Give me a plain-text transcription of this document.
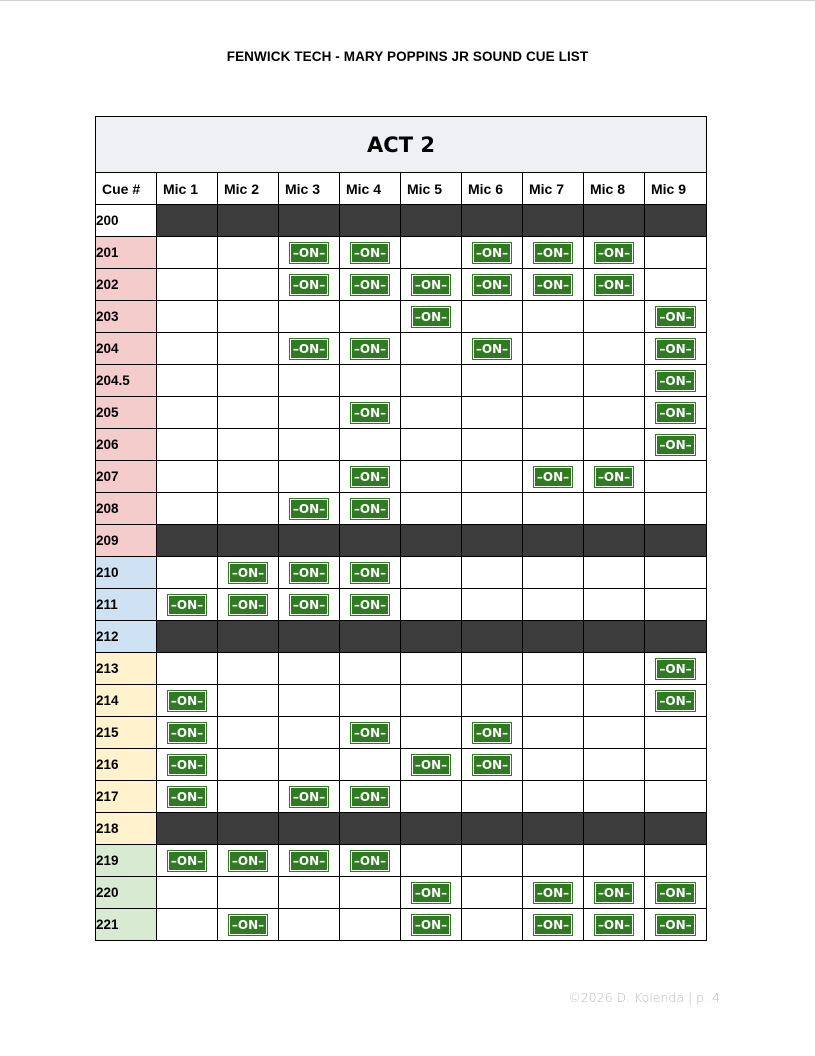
FENWICK TECH - MARY POPPINS JR SOUND CUE LIST
ACT 2									
Cue #	Mic 1	Mic 2	Mic 3	Mic 4	Mic 5	Mic 6	Mic 7	Mic 8	Mic 9
200									
201			–ON–	–ON–		–ON–	–ON–	–ON–	
202			–ON–	–ON–	–ON–	–ON–	–ON–	–ON–	
203					–ON–				–ON–
204			–ON–	–ON–		–ON–			–ON–
204.5									–ON–
205				–ON–					–ON–
206									–ON–
207				–ON–			–ON–	–ON–	
208			–ON–	–ON–					
209									
210		–ON–	–ON–	–ON–					
211	–ON–	–ON–	–ON–	–ON–					
212									
213									–ON–
214	–ON–								–ON–
215	–ON–			–ON–		–ON–			
216	–ON–				–ON–	–ON–			
217	–ON–		–ON–	–ON–					
218									
219	–ON–	–ON–	–ON–	–ON–					
220					–ON–		–ON–	–ON–	–ON–
221		–ON–			–ON–		–ON–	–ON–	–ON–
©2026 D. Kolenda | p. 4
